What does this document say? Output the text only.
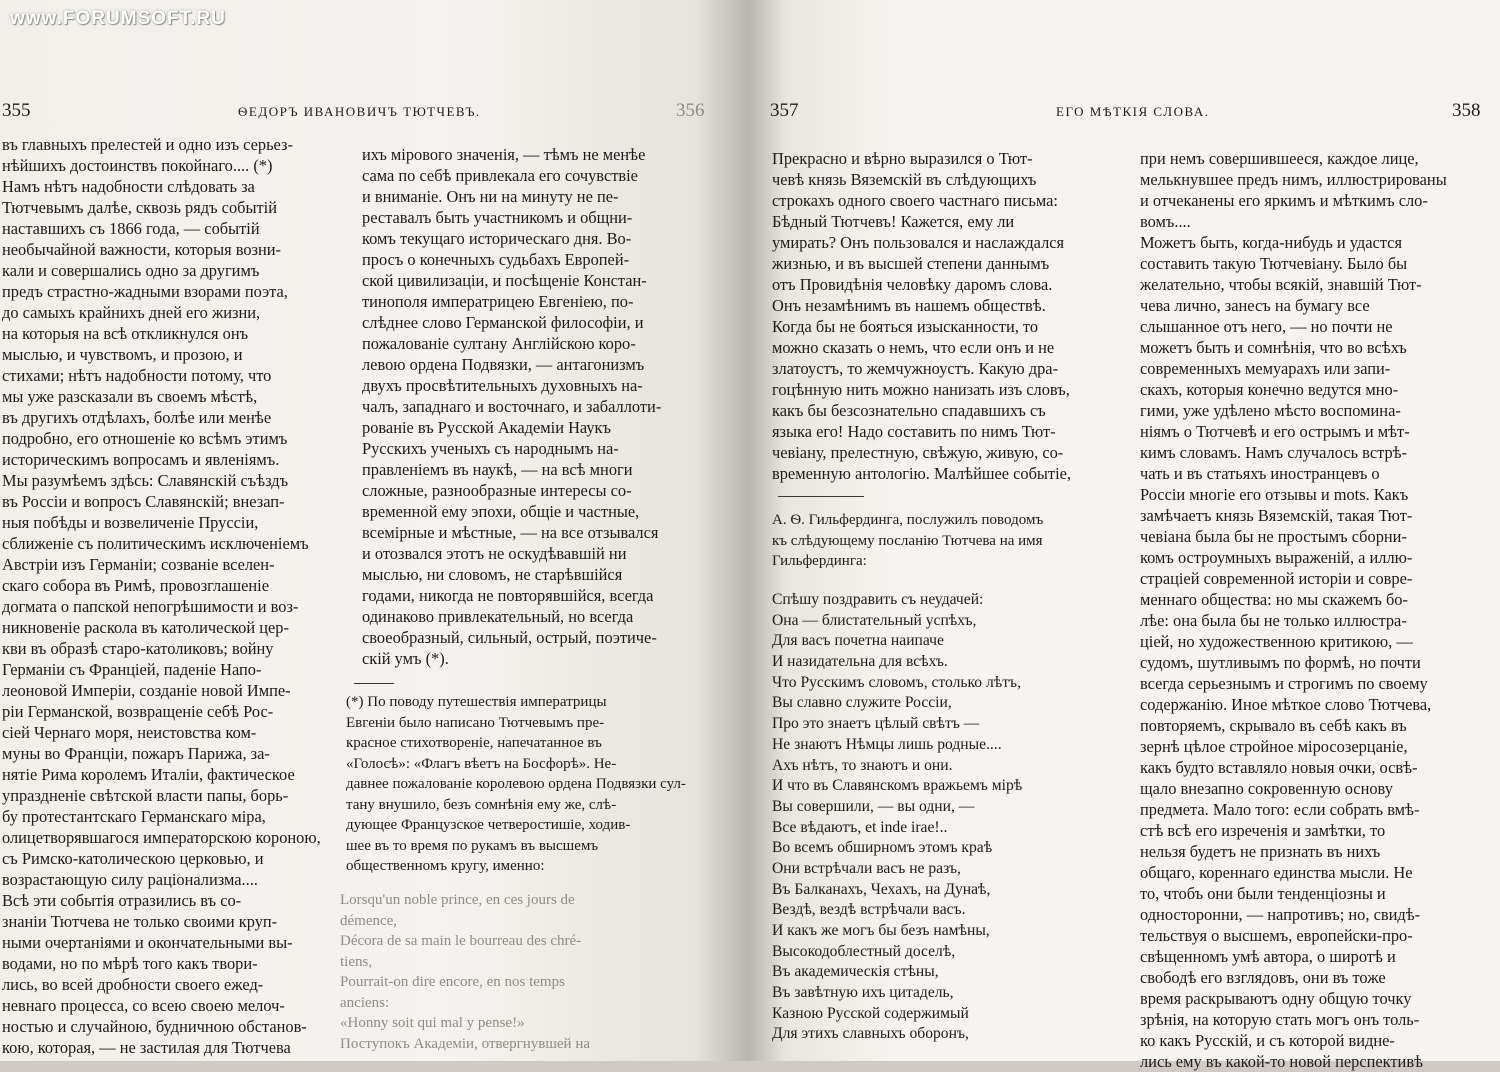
www.FORUMSOFT.RU
355	ѲЕДОРЪ ИВАНОВИЧЪ ТЮТЧЕВЪ.	356
въ главныхъ прелестей и одно изъ серьез-
нѣйшихъ достоинствъ покойнаго.... (*)
Намъ нѣтъ надобности слѣдовать за
Тютчевымъ далѣе, сквозь рядъ событій
наставшихъ съ 1866 года, — событій
необычайной важности, которыя возни-
кали и совершались одно за другимъ
предъ страстно-жадными взорами поэта,
до самыхъ крайнихъ дней его жизни,
на которыя на всѣ откликнулся онъ
мыслью, и чувствомъ, и прозою, и
стихами; нѣтъ надобности потому, что
мы уже разсказали въ своемъ мѣстѣ,
въ другихъ отдѣлахъ, болѣе или менѣе
подробно, его отношеніе ко всѣмъ этимъ
историческимъ вопросамъ и явленіямъ.
Мы разумѣемъ здѣсь: Славянскій съѣздъ
въ Россіи и вопросъ Славянскій; внезап-
ныя побѣды и возвеличеніе Пруссіи,
сближеніе съ политическимъ исключеніемъ
Австріи изъ Германіи; созваніе вселен-
скаго собора въ Римѣ, провозглашеніе
догмата о папской непогрѣшимости и воз-
никновеніе раскола въ католической цер-
кви въ образѣ старо-католиковъ; войну
Германіи съ Франціей, паденіе Напо-
леоновой Имперіи, созданіе новой Импе-
ріи Германской, возвращеніе себѣ Рос-
сіей Чернаго моря, неистовства ком-
муны во Франціи, пожаръ Парижа, за-
нятіе Рима королемъ Италіи, фактическое
упраздненіе свѣтской власти папы, борь-
бу протестантскаго Германскаго міра,
олицетворявшагося императорскою короною,
съ Римско-католическою церковью, и
возрастающую силу раціонализма....
Всѣ эти событія отразились въ со-
знаніи Тютчева не только своими круп-
ными очертаніями и окончательными вы-
водами, но по мѣрѣ того какъ твори-
лись, во всей дробности своего ежед-
невнаго процесса, со всею своею мелоч-
ностью и случайною, будничною обстанов-
кою, которая, — не застилая для Тютчева
ихъ мірового значенія, — тѣмъ не менѣе
сама по себѣ привлекала его сочувствіе
и вниманіе. Онъ ни на минуту не пе-
реставалъ быть участникомъ и общни-
комъ текущаго историческаго дня. Во-
просъ о конечныхъ судьбахъ Европей-
ской цивилизаціи, и посѣщеніе Констан-
тинополя императрицею Евгеніею, по-
слѣднее слово Германской философіи, и
пожалованіе султану Англійскою коро-
левою ордена Подвязки, — антагонизмъ
двухъ просвѣтительныхъ духовныхъ на-
чалъ, западнаго и восточнаго, и забаллоти-
рованіе въ Русской Академіи Наукъ
Русскихъ ученыхъ съ народнымъ на-
правленіемъ въ наукѣ, — на всѣ многи
сложные, разнообразные интересы со-
временной ему эпохи, общіе и частные,
всемірные и мѣстные, — на все отзывался
и отозвался этотъ не оскудѣвавшій ни
мыслью, ни словомъ, не старѣвшійся
годами, никогда не повторявшійся, всегда
одинаково привлекательный, но всегда
своеобразный, сильный, острый, поэтиче-
скій умъ (*).
(*) По поводу путешествія императрицы
Евгеніи было написано Тютчевымъ пре-
красное стихотвореніе, напечатанное въ
«Голосѣ»: «Флагъ вѣетъ на Босфорѣ». Не-
давнее пожалованіе королевою ордена Подвязки сул-
тану внушило, безъ сомнѣнія ему же, слѣ-
дующее Французское четверостишіе, ходив-
шее въ то время по рукамъ въ высшемъ
общественномъ кругу, именно:
Lorsqu'un noble prince, en ces jours de
démence,
Décora de sa main le bourreau des chré-
tiens,
Pourrait-on dire encore, en nos temps
anciens:
«Honny soit qui mal y pense!»
Поступокъ Академіи, отвергнувшей на
357	ЕГО МѢТКІЯ СЛОВА.	358
Прекрасно и вѣрно выразился о Тют-
чевѣ князь Вяземскій въ слѣдующихъ
строкахъ одного своего частнаго письма:
Бѣдный Тютчевъ! Кажется, ему ли
умирать? Онъ пользовался и наслаждался
жизнью, и въ высшей степени даннымъ
отъ Провидѣнія человѣку даромъ слова.
Онъ незамѣнимъ въ нашемъ обществѣ.
Когда бы не бояться изысканности, то
можно сказать о немъ, что если онъ и не
златоустъ, то жемчужноустъ. Какую дра-
гоцѣнную нить можно нанизать изъ словъ,
какъ бы безсознательно спадавшихъ съ
языка его! Надо составить по нимъ Тют-
чевіану, прелестную, свѣжую, живую, со-
временную антологію. Малѣйшее событіе,
А. Ѳ. Гильфердинга, послужилъ поводомъ
къ слѣдующему посланію Тютчева на имя
Гильфердинга:
Спѣшу поздравить съ неудачей:
Она — блистательный успѣхъ,
Для васъ почетна наипаче
И назидательна для всѣхъ.
Что Русскимъ словомъ, столько лѣтъ,
Вы славно служите Россіи,
Про это знаетъ цѣлый свѣтъ —
Не знаютъ Нѣмцы лишь родные....
Ахъ нѣтъ, то знаютъ и они.
И что въ Славянскомъ вражьемъ мірѣ
Вы совершили, — вы одни, —
Все вѣдаютъ, et inde irae!..
Во всемъ обширномъ этомъ краѣ
Они встрѣчали васъ не разъ,
Въ Балканахъ, Чехахъ, на Дунаѣ,
Вездѣ, вездѣ встрѣчали васъ.
И какъ же могъ бы безъ намѣны,
Высокодоблестный доселѣ,
Въ академическія стѣны,
Въ завѣтную ихъ цитадель,
Казною Русской содержимый
Для этихъ славныхъ оборонъ,
при немъ совершившееся, каждое лице,
мелькнувшее предъ нимъ, иллюстрированы
и отчеканены его яркимъ и мѣткимъ сло-
вомъ....
Можетъ быть, когда-нибудь и удастся
составить такую Тютчевіану. Было бы
желательно, чтобы всякій, знавшій Тют-
чева лично, занесъ на бумагу все
слышанное отъ него, — но почти не
можетъ быть и сомнѣнія, что во всѣхъ
современныхъ мемуарахъ или запи-
скахъ, которыя конечно ведутся мно-
гими, уже удѣлено мѣсто воспомина-
ніямъ о Тютчевѣ и его острымъ и мѣт-
кимъ словамъ. Намъ случалось встрѣ-
чать и въ статьяхъ иностранцевъ о
Россіи многіе его отзывы и mots. Какъ
замѣчаетъ князь Вяземскій, такая Тют-
чевіана была бы не простымъ сборни-
комъ остроумныхъ выраженій, а иллю-
страціей современной исторіи и совре-
меннаго общества: но мы скажемъ бо-
лѣе: она была бы не только иллюстра-
ціей, но художественною критикою, —
судомъ, шутливымъ по формѣ, но почти
всегда серьезнымъ и строгимъ по своему
содержанію. Иное мѣткое слово Тютчева,
повторяемъ, скрывало въ себѣ какъ въ
зернѣ цѣлое стройное міросозерцаніе,
какъ будто вставляло новыя очки, освѣ-
щало внезапно сокровенную основу
предмета. Мало того: если собрать вмѣ-
стѣ всѣ его изреченія и замѣтки, то
нельзя будетъ не признать въ нихъ
общаго, кореннаго единства мысли. Не
то, чтобъ они были тенденціозны и
односторонни, — напротивъ; но, свидѣ-
тельствуя о высшемъ, европейски-про-
свѣщенномъ умѣ автора, о широтѣ и
свободѣ его взглядовъ, они въ тоже
время раскрываютъ одну общую точку
зрѣнія, на которую стать могъ онъ толь-
ко какъ Русскій, и съ которой видне-
лись ему въ какой-то новой перспективѣ
